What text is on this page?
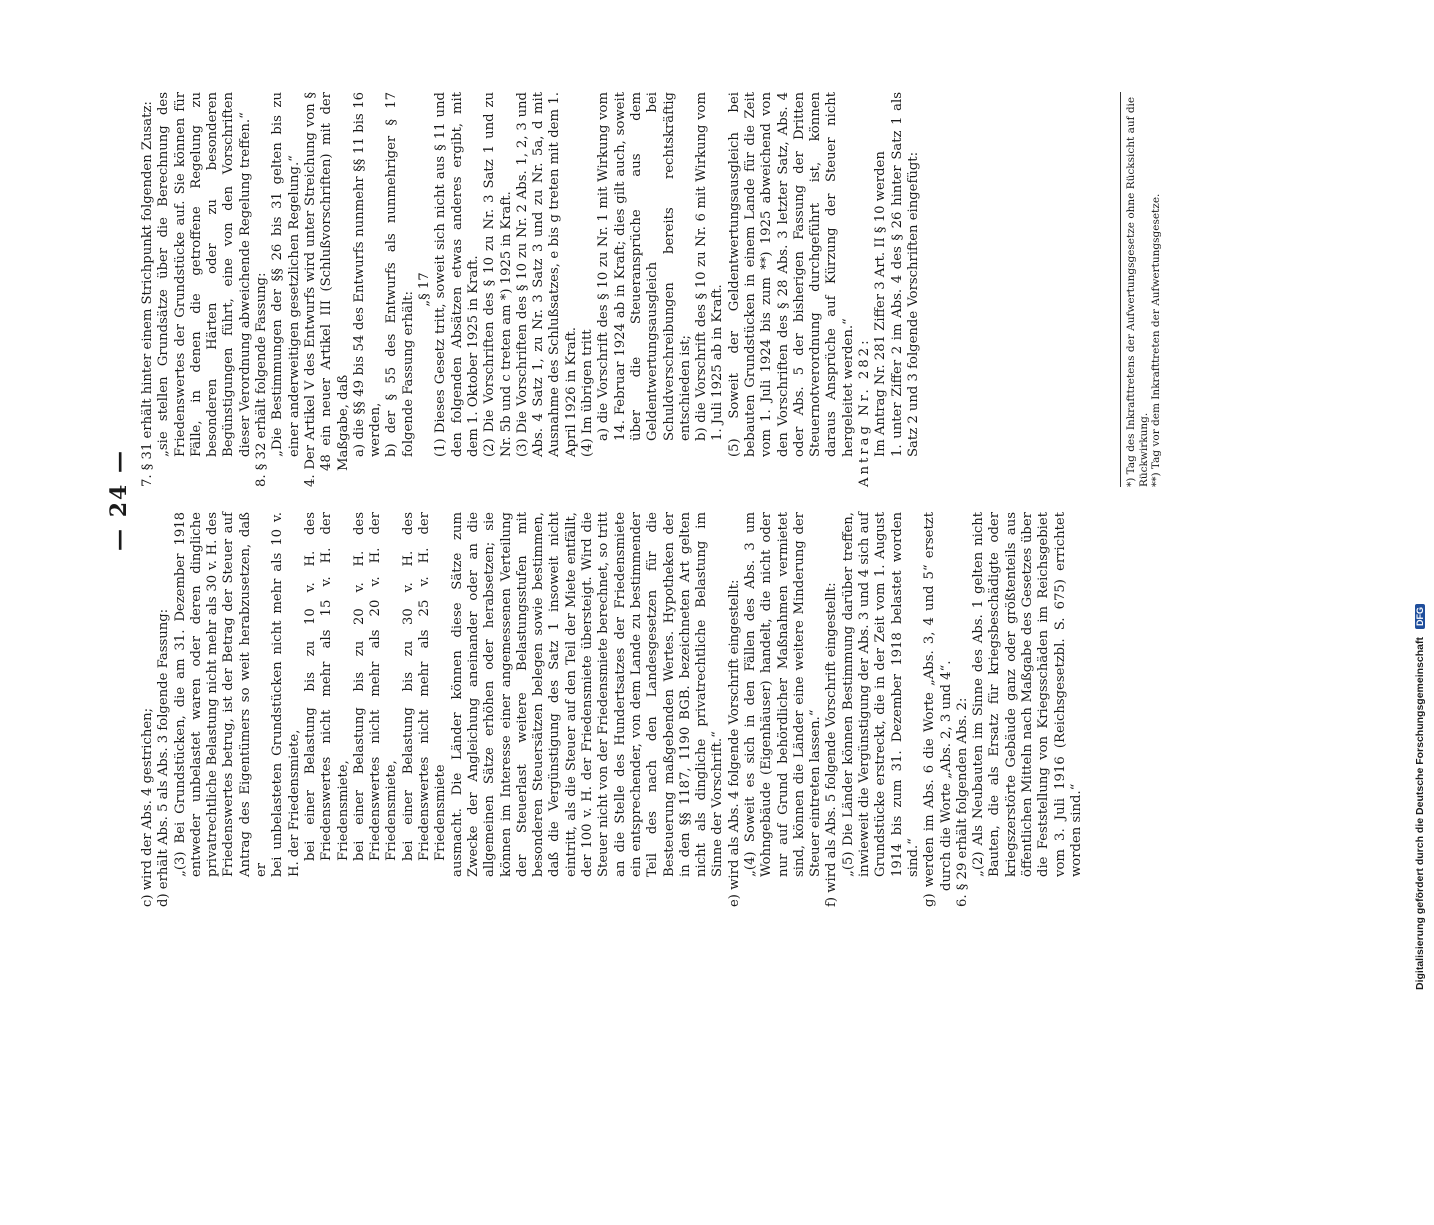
— 24 —

c) wird der Abs. 4 gestrichen; d) erhält Abs. 5 als Abs. 3 folgende Fassung: „(3) Bei Grundstücken, die am 31. Dezember 1918 entweder unbelastet waren oder deren dingliche privatrechtliche Belastung nicht mehr als 30 v. H. des Friedenswertes betrug, ist der Betrag der Steuer auf Antrag des Eigentümers so weit herabzusetzen, daß er bei unbelasteten Grundstücken nicht mehr als 10 v. H. der Friedensmiete, bei einer Belastung bis zu 10 v. H. des Friedenswertes nicht mehr als 15 v. H. der Friedensmiete, bei einer Belastung bis zu 20 v. H. des Friedenswertes nicht mehr als 20 v. H. der Friedensmiete, bei einer Belastung bis zu 30 v. H. des Friedenswertes nicht mehr als 25 v. H. der Friedensmiete ausmacht. Die Länder können diese Sätze zum Zwecke der Angleichung aneinander oder an die allgemeinen Sätze erhöhen oder herabsetzen; sie können im Interesse einer angemessenen Verteilung der Steuerlast weitere Belastungsstufen mit besonderen Steuersätzen belegen sowie bestimmen, daß die Vergünstigung des Satz 1 insoweit nicht eintritt, als die Steuer auf den Teil der Miete entfällt, der 100 v. H. der Friedensmiete übersteigt. Wird die Steuer nicht von der Friedensmiete berechnet, so tritt an die Stelle des Hundertsatzes der Friedensmiete ein entsprechender, von dem Lande zu bestimmender Teil des nach den Landesgesetzen für die Besteuerung maßgebenden Wertes. Hypotheken der in den §§ 1187, 1190 BGB. bezeichneten Art gelten nicht als dingliche privatrechtliche Belastung im Sinne der Vorschrift.“ e) wird als Abs. 4 folgende Vorschrift eingestellt: „(4) Soweit es sich in den Fällen des Abs. 3 um Wohngebäude (Eigenhäuser) handelt, die nicht oder nur auf Grund behördlicher Maßnahmen vermietet sind, können die Länder eine weitere Minderung der Steuer eintreten lassen.“ f) wird als Abs. 5 folgende Vorschrift eingestellt: „(5) Die Länder können Bestimmung darüber treffen, inwieweit die Vergünstigung der Abs. 3 und 4 sich auf Grundstücke erstreckt, die in der Zeit vom 1. August 1914 bis zum 31. Dezember 1918 belastet worden sind.“ g) werden im Abs. 6 die Worte „Abs. 3, 4 und 5“ ersetzt durch die Worte „Abs. 2, 3 und 4“. 6. § 29 erhält folgenden Abs. 2: „(2) Als Neubauten im Sinne des Abs. 1 gelten nicht Bauten, die als Ersatz für kriegsbeschädigte oder kriegszerstörte Gebäude ganz oder größtenteils aus öffentlichen Mitteln nach Maßgabe des Gesetzes über die Feststellung von Kriegsschäden im Reichsgebiet vom 3. Juli 1916 (Reichsgesetzbl. S. 675) errichtet worden sind.“

7. § 31 erhält hinter einem Strichpunkt folgenden Zusatz: „sie stellen Grundsätze über die Berechnung des Friedenswertes der Grundstücke auf. Sie können für Fälle, in denen die getroffene Regelung zu besonderen Härten oder zu besonderen Begünstigungen führt, eine von den Vorschriften dieser Verordnung abweichende Regelung treffen.“ 8. § 32 erhält folgende Fassung: „Die Bestimmungen der §§ 26 bis 31 gelten bis zu einer anderweitigen gesetzlichen Regelung.“ 4. Der Artikel V des Entwurfs wird unter Streichung von § 48 ein neuer Artikel III (Schlußvorschriften) mit der Maßgabe, daß a) die §§ 49 bis 54 des Entwurfs nunmehr §§ 11 bis 16 werden, b) der § 55 des Entwurfs als nunmehriger § 17 folgende Fassung erhält:

„§ 17 (1) Dieses Gesetz tritt, soweit sich nicht aus § 11 und den folgenden Absätzen etwas anderes ergibt, mit dem 1. Oktober 1925 in Kraft. (2) Die Vorschriften des § 10 zu Nr. 3 Satz 1 und zu Nr. 5b und c treten am *) 1925 in Kraft. (3) Die Vorschriften des § 10 zu Nr. 2 Abs. 1, 2, 3 und Abs. 4 Satz 1, zu Nr. 3 Satz 3 und zu Nr. 5a, d mit Ausnahme des Schlußsatzes, e bis g treten mit dem 1. April 1926 in Kraft. (4) Im übrigen tritt a) die Vorschrift des § 10 zu Nr. 1 mit Wirkung vom 14. Februar 1924 ab in Kraft; dies gilt auch, soweit über die Steueransprüche aus dem Geldentwertungsausgleich bei Schuldverschreibungen bereits rechtskräftig entschieden ist; b) die Vorschrift des § 10 zu Nr. 6 mit Wirkung vom 1. Juli 1925 ab in Kraft. (5) Soweit der Geldentwertungsausgleich bei bebauten Grundstücken in einem Lande für die Zeit vom 1. Juli 1924 bis zum **) 1925 abweichend von den Vorschriften des § 28 Abs. 3 letzter Satz, Abs. 4 oder Abs. 5 der bisherigen Fassung der Dritten Steuernotverordnung durchgeführt ist, können daraus Ansprüche auf Kürzung der Steuer nicht hergeleitet werden.“ Antrag Nr. 282: Im Antrag Nr. 281 Ziffer 3 Art. II § 10 werden 1. unter Ziffer 2 im Abs. 4 des § 26 hinter Satz 1 als Satz 2 und 3 folgende Vorschriften eingefügt:	*) Tag des Inkrafttretens der Aufwertungsgesetze ohne Rücksicht auf die Rückwirkung. **) Tag vor dem Inkrafttreten der Aufwertungsgesetze.

Digitalisierung gefördert durch die Deutsche Forschungsgemeinschaft
DFG
